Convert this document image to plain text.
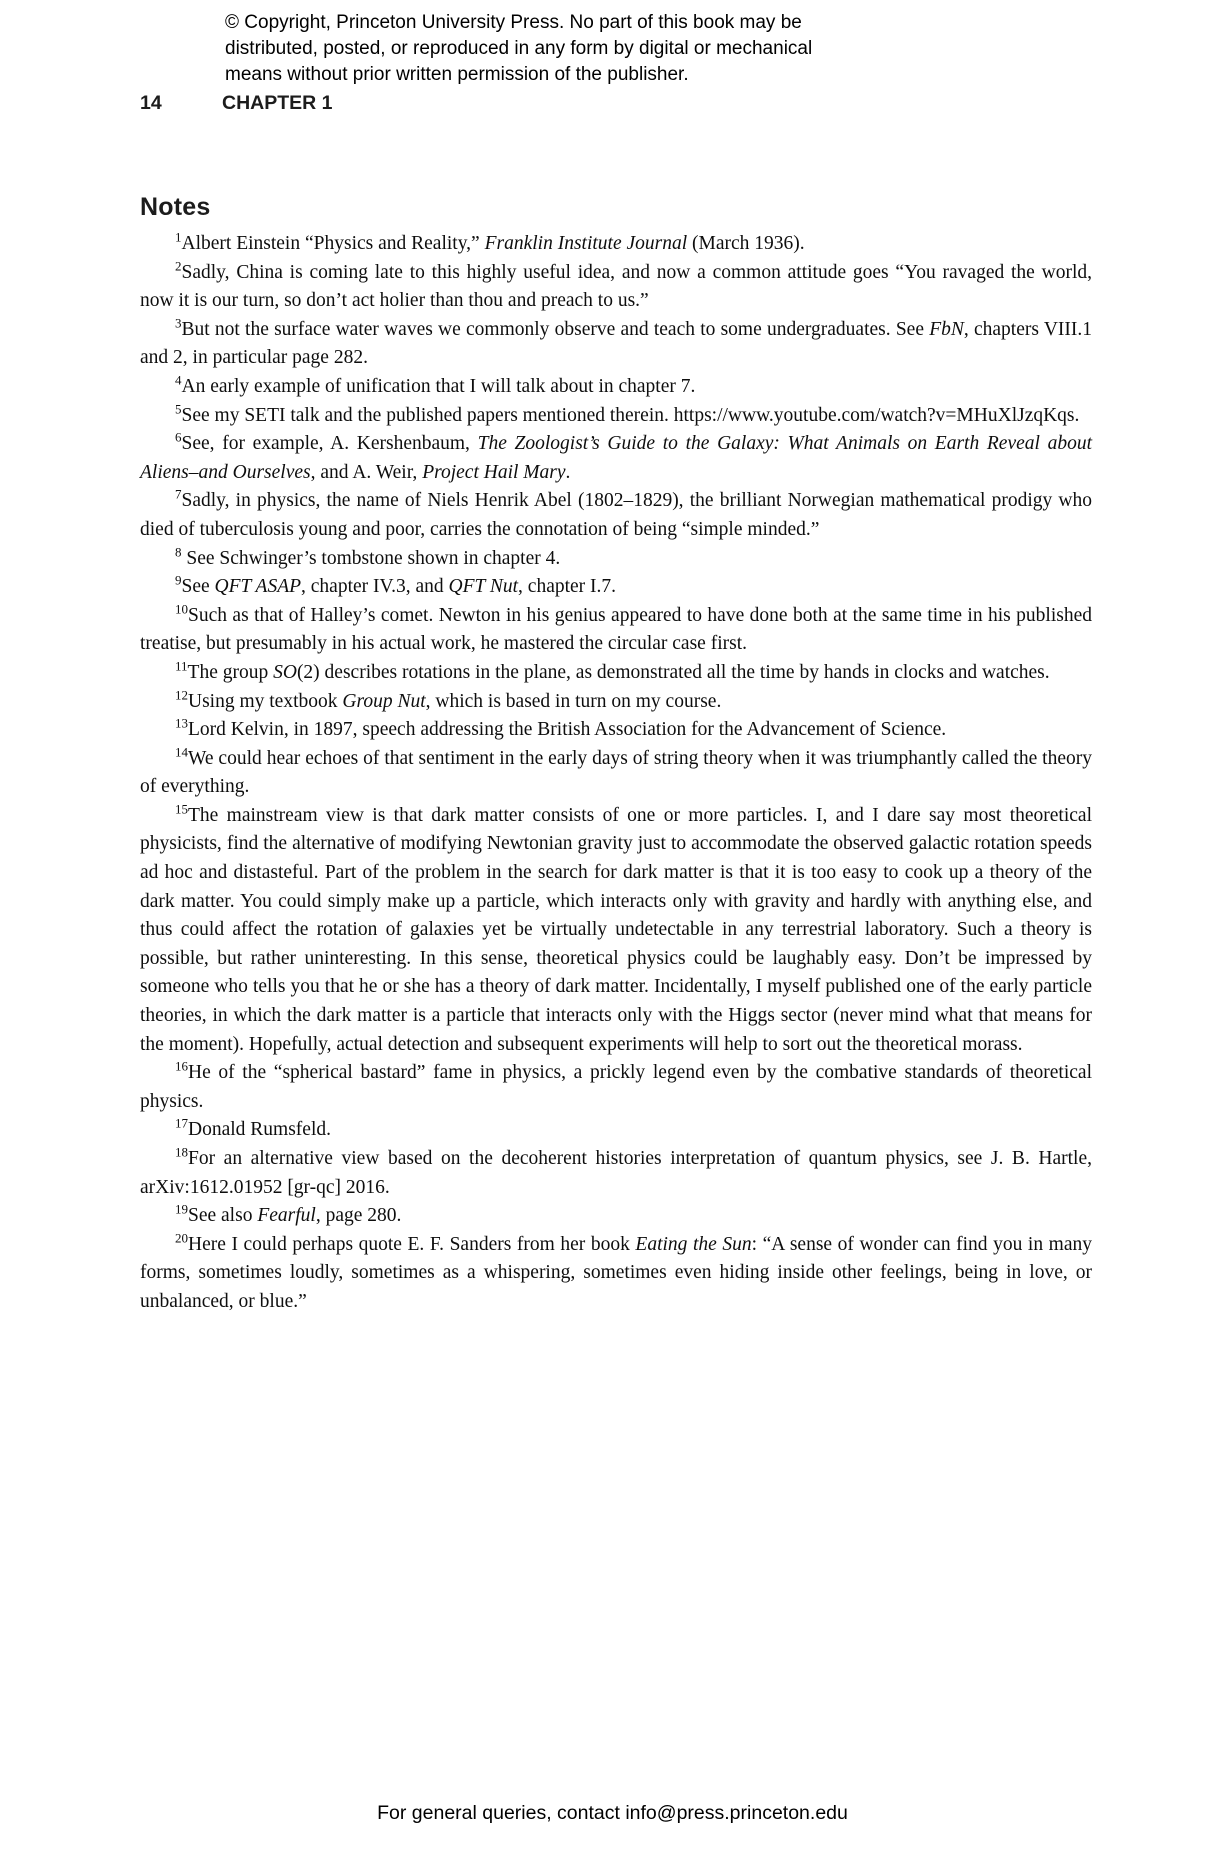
© Copyright, Princeton University Press. No part of this book may be
distributed, posted, or reproduced in any form by digital or mechanical
means without prior written permission of the publisher.
14	CHAPTER 1
Notes

$^1$Albert Einstein “Physics and Reality,” Franklin Institute Journal (March 1936).

$^2$Sadly, China is coming late to this highly useful idea, and now a common attitude goes “You ravaged the world, now it is our turn, so don’t act holier than thou and preach to us.”

$^3$But not the surface water waves we commonly observe and teach to some undergraduates. See FbN, chapters VIII.1 and 2, in particular page 282.

$^4$An early example of unification that I will talk about in chapter 7.

$^5$See my SETI talk and the published papers mentioned therein. https://www.youtube.com​/watch?v=MHuXlJzqKqs.

$^6$See, for example, A. Kershenbaum, The Zoologist’s Guide to the Galaxy: What Animals on Earth Reveal about Aliens–and Ourselves, and A. Weir, Project Hail Mary.

$^7$Sadly, in physics, the name of Niels Henrik Abel (1802–1829), the brilliant Norwegian mathematical prodigy who died of tuberculosis young and poor, carries the connotation of being “simple minded.”

$^8$ See Schwinger’s tombstone shown in chapter 4.

$^9$See QFT ASAP, chapter IV.3, and QFT Nut, chapter I.7.

$^{10}$Such as that of Halley’s comet. Newton in his genius appeared to have done both at the same time in his published treatise, but presumably in his actual work, he mastered the circular case first.

$^{11}$The group SO(2) describes rotations in the plane, as demonstrated all the time by hands in clocks and watches.

$^{12}$Using my textbook Group Nut, which is based in turn on my course.

$^{13}$Lord Kelvin, in 1897, speech addressing the British Association for the Advancement of Science.

$^{14}$We could hear echoes of that sentiment in the early days of string theory when it was triumphantly called the theory of everything.

$^{15}$The mainstream view is that dark matter consists of one or more particles. I, and I dare say most theoretical physicists, find the alternative of modifying Newtonian gravity just to accommodate the observed galactic rotation speeds ad hoc and distasteful. Part of the problem in the search for dark matter is that it is too easy to cook up a theory of the dark matter. You could simply make up a particle, which interacts only with gravity and hardly with anything else, and thus could affect the rotation of galaxies yet be virtually undetectable in any terrestrial laboratory. Such a theory is possible, but rather uninteresting. In this sense, theoretical physics could be laughably easy. Don’t be impressed by someone who tells you that he or she has a theory of dark matter. Incidentally, I myself published one of the early particle theories, in which the dark matter is a particle that interacts only with the Higgs sector (never mind what that means for the moment). Hopefully, actual detection and subsequent experiments will help to sort out the theoretical morass.

$^{16}$He of the “spherical bastard” fame in physics, a prickly legend even by the combative standards of theoretical physics.

$^{17}$Donald Rumsfeld.

$^{18}$For an alternative view based on the decoherent histories interpretation of quantum physics, see J. B. Hartle, arXiv:1612.01952 [gr-qc] 2016.

$^{19}$See also Fearful, page 280.

$^{20}$Here I could perhaps quote E. F. Sanders from her book Eating the Sun: “A sense of wonder can find you in many forms, sometimes loudly, sometimes as a whispering, sometimes even hiding inside other feelings, being in love, or unbalanced, or blue.”

For general queries, contact info@press.princeton.edu
